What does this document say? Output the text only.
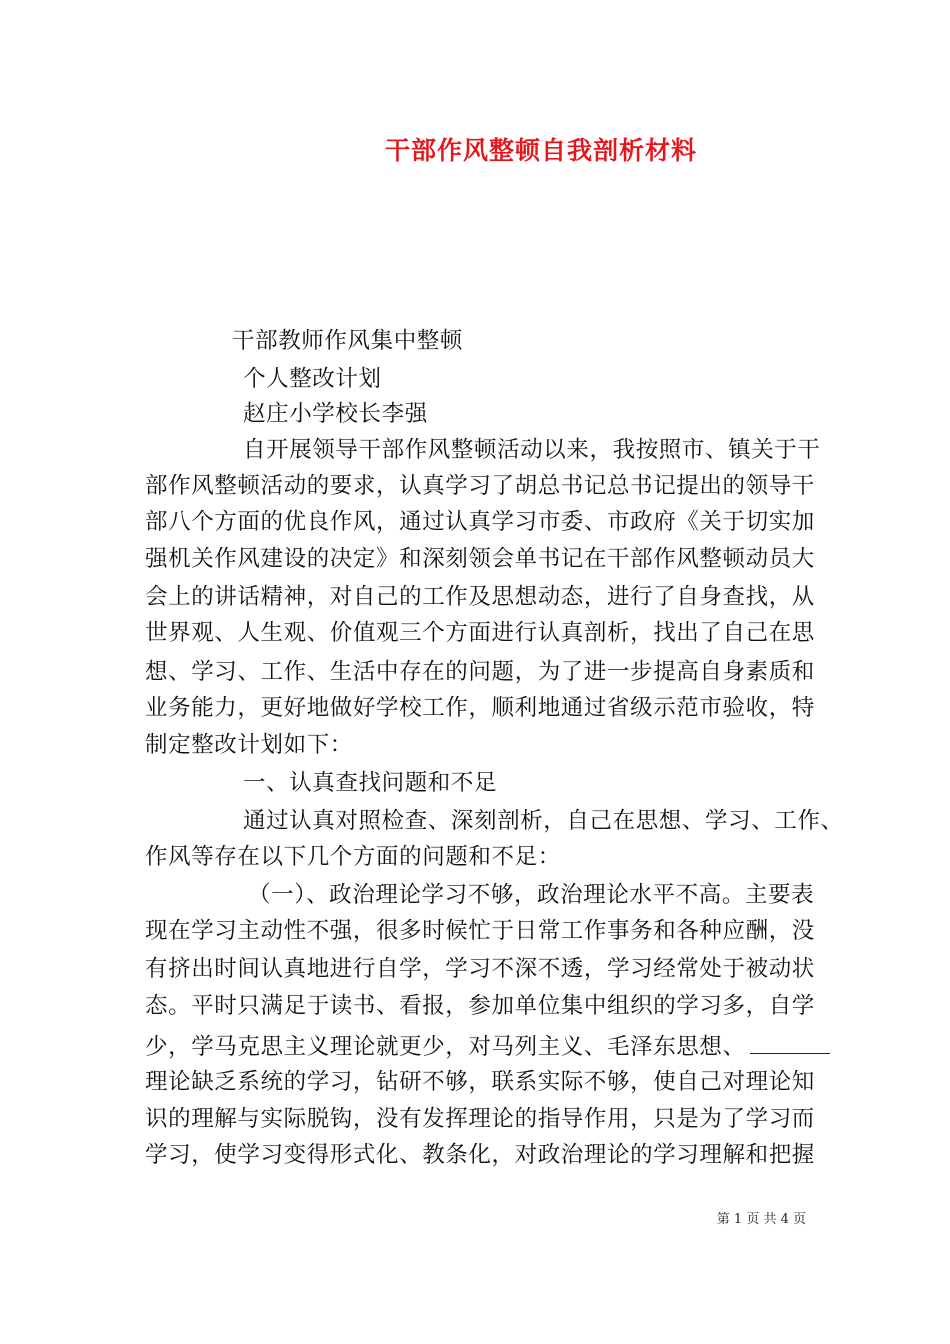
干部作风整顿自我剖析材料
干部教师作风集中整顿
个人整改计划
赵庄小学校长李强
自开展领导干部作风整顿活动以来，我按照市、镇关于干
部作风整顿活动的要求，认真学习了胡总书记总书记提出的领导干
部八个方面的优良作风，通过认真学习市委、市政府《关于切实加
强机关作风建设的决定》和深刻领会单书记在干部作风整顿动员大
会上的讲话精神，对自己的工作及思想动态，进行了自身查找，从
世界观、人生观、价值观三个方面进行认真剖析，找出了自己在思
想、学习、工作、生活中存在的问题，为了进一步提高自身素质和
业务能力，更好地做好学校工作，顺利地通过省级示范市验收，特
制定整改计划如下：
一、认真查找问题和不足
通过认真对照检查、深刻剖析，自己在思想、学习、工作、
作风等存在以下几个方面的问题和不足：
（一）、政治理论学习不够，政治理论水平不高。主要表
现在学习主动性不强，很多时候忙于日常工作事务和各种应酬，没
有挤出时间认真地进行自学，学习不深不透，学习经常处于被动状
态。平时只满足于读书、看报，参加单位集中组织的学习多，自学
少，学马克思主义理论就更少，对马列主义、毛泽东思想、
理论缺乏系统的学习，钻研不够，联系实际不够，使自己对理论知
识的理解与实际脱钩，没有发挥理论的指导作用，只是为了学习而
学习，使学习变得形式化、教条化，对政治理论的学习理解和把握
第 1 页 共 4 页
